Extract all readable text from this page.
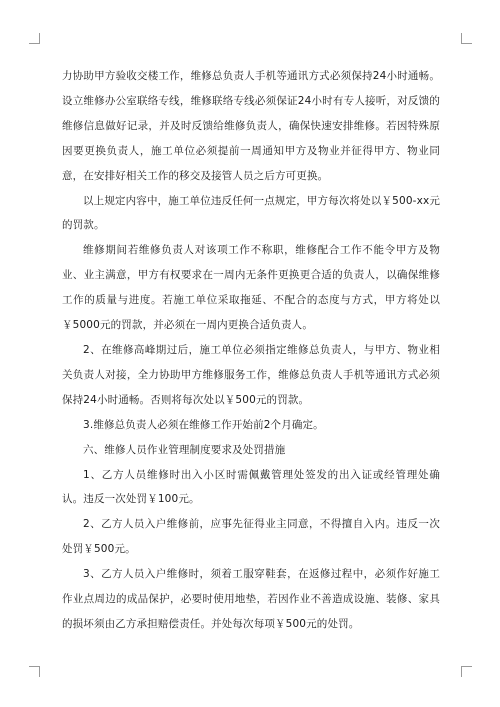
力协助甲方验收交楼工作，维修总负责人手机等通讯方式必须保持24小时通畅。设立维修办公室联络专线，维修联络专线必须保证24小时有专人接听，对反馈的维修信息做好记录，并及时反馈给维修负责人，确保快速安排维修。若因特殊原因要更换负责人，施工单位必须提前一周通知甲方及物业并征得甲方、物业同意，在安排好相关工作的移交及接管人员之后方可更换。

以上规定内容中，施工单位违反任何一点规定，甲方每次将处以￥500-xx元的罚款。

维修期间若维修负责人对该项工作不称职，维修配合工作不能令甲方及物业、业主满意，甲方有权要求在一周内无条件更换更合适的负责人，以确保维修工作的质量与进度。若施工单位采取拖延、不配合的态度与方式，甲方将处以￥5000元的罚款，并必须在一周内更换合适负责人。

2、在维修高峰期过后，施工单位必须指定维修总负责人，与甲方、物业相关负责人对接，全力协助甲方维修服务工作，维修总负责人手机等通讯方式必须保持24小时通畅。否则将每次处以￥500元的罚款。

3.维修总负责人必须在维修工作开始前2个月确定。

六、维修人员作业管理制度要求及处罚措施

1、乙方人员维修时出入小区时需佩戴管理处签发的出入证或经管理处确认。违反一次处罚￥100元。

2、乙方人员入户维修前，应事先征得业主同意，不得擅自入内。违反一次处罚￥500元。

3、乙方人员入户维修时，须着工服穿鞋套，在返修过程中，必须作好施工作业点周边的成品保护，必要时使用地垫，若因作业不善造成设施、装修、家具的损坏须由乙方承担赔偿责任。并处每次每项￥500元的处罚。
